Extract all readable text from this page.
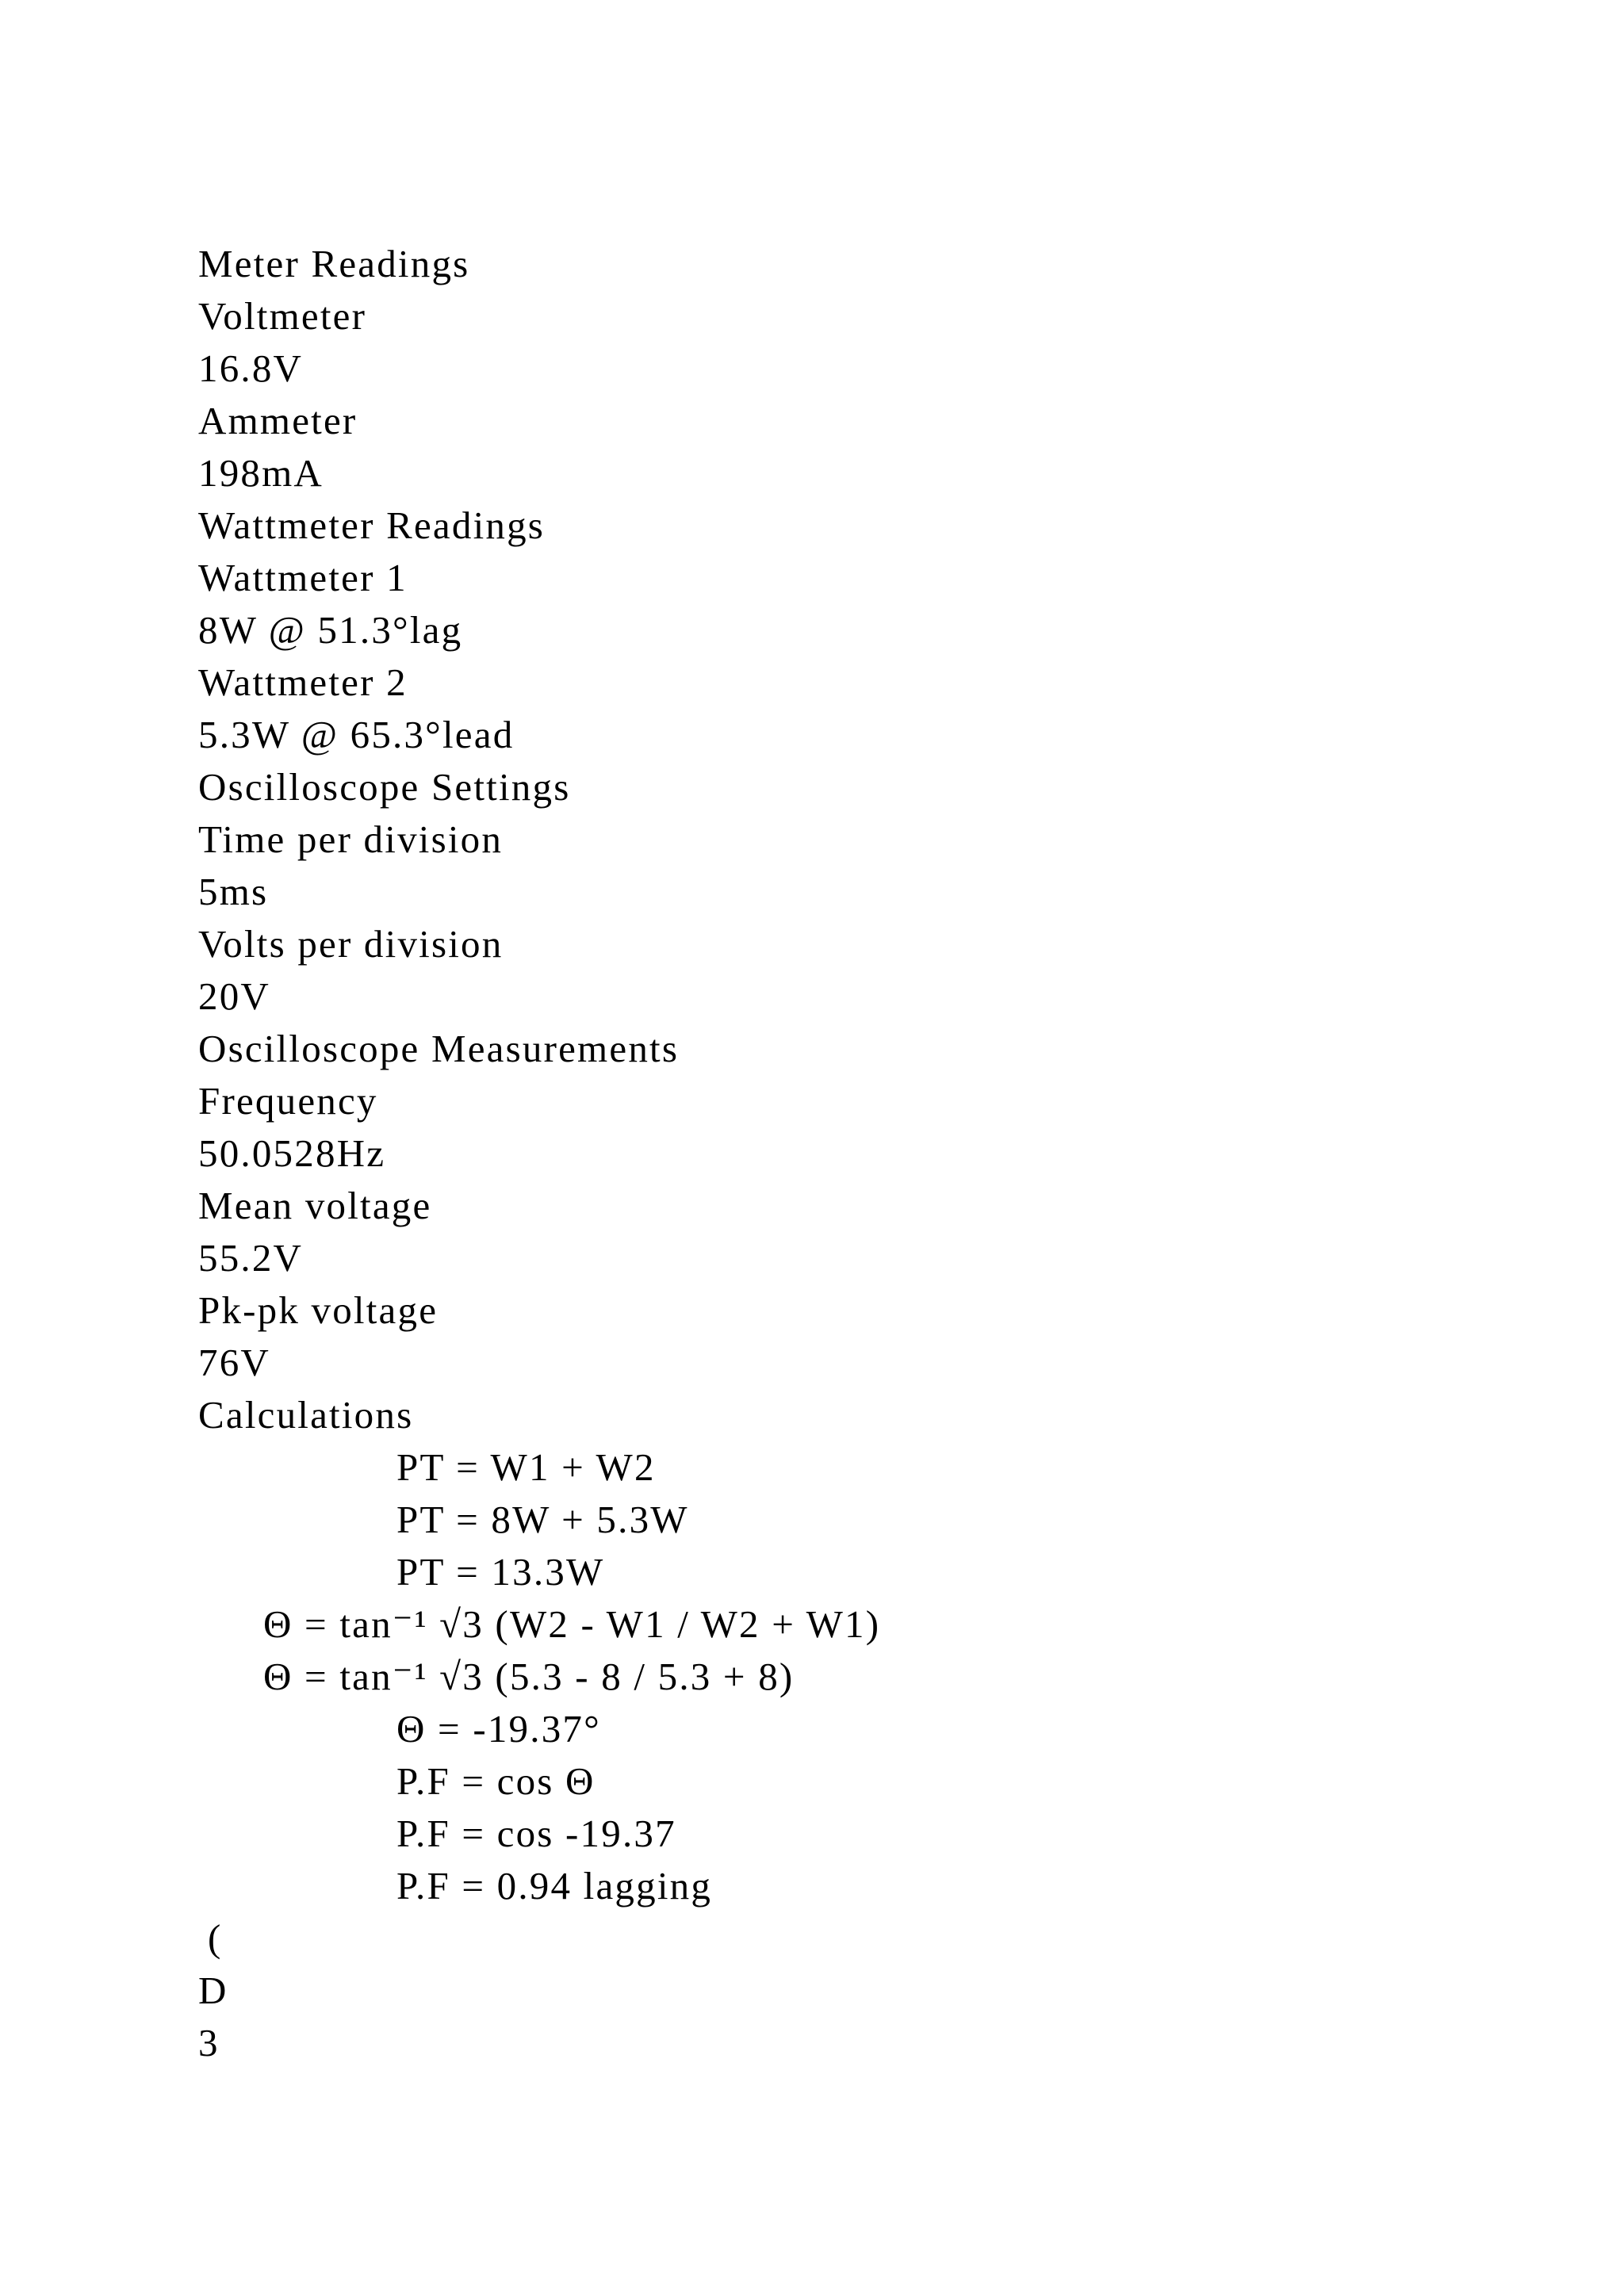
Meter Readings
Voltmeter
16.8V
Ammeter
198mA
Wattmeter Readings
Wattmeter 1
8W @ 51.3°lag
Wattmeter 2
5.3W @ 65.3°lead
Oscilloscope Settings
Time per division
5ms
Volts per division
20V
Oscilloscope Measurements
Frequency
50.0528Hz
Mean voltage
55.2V
Pk-pk voltage
76V
Calculations
PT = W1 + W2
PT = 8W + 5.3W
PT = 13.3W
Θ = tan⁻¹ √3 (W2 - W1 / W2 + W1)
Θ = tan⁻¹ √3 (5.3 - 8 / 5.3 + 8)
Θ = -19.37°
P.F = cos Θ
P.F = cos -19.37
P.F = 0.94 lagging
(
D
3
